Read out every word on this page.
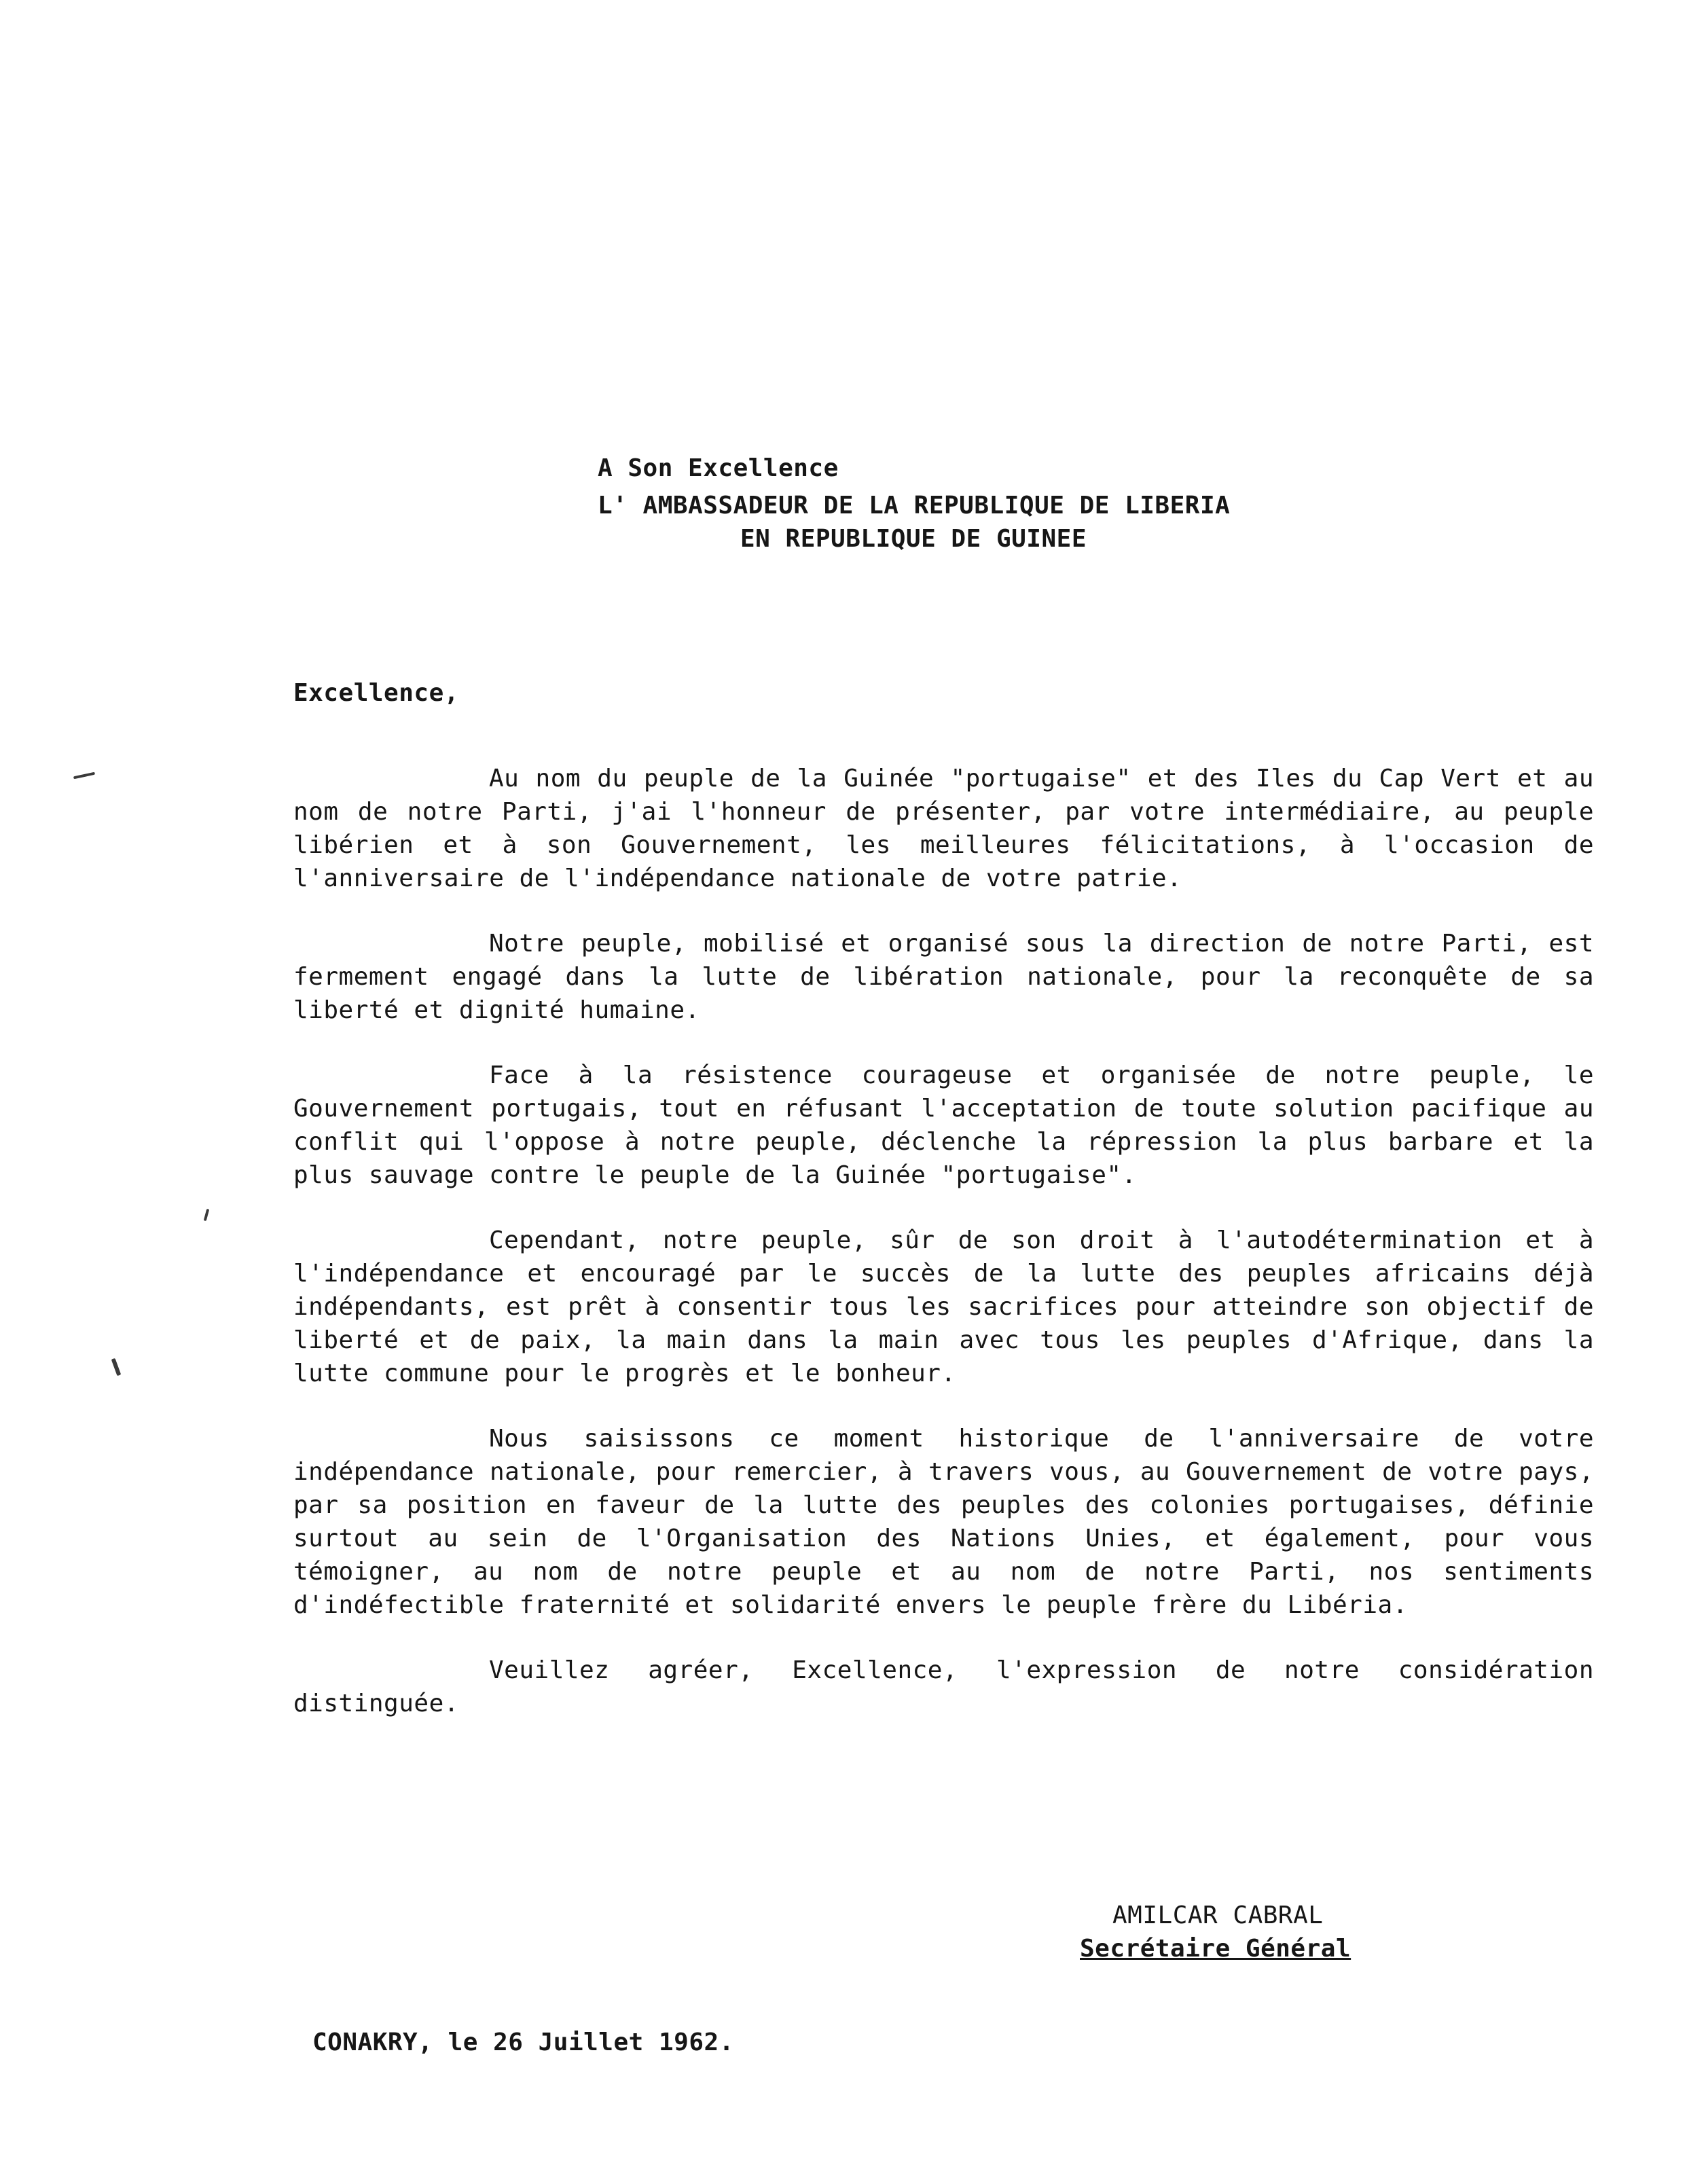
A Son Excellence
L' AMBASSADEUR DE LA REPUBLIQUE DE LIBERIA
EN REPUBLIQUE DE GUINEE
Excellence,

Au nom du peuple de la Guinée "portugaise" et des Iles du Cap Vert et au nom de notre Parti, j'ai l'honneur de présenter, par votre intermédiaire, au peuple libérien et à son Gouvernement, les meilleures félicitations, à l'occasion de l'anniversaire de l'indépendance nationale de votre patrie.

Notre peuple, mobilisé et organisé sous la direction de notre Parti, est fermement engagé dans la lutte de libération nationale, pour la reconquête de sa liberté et dignité humaine.

Face à la résistence courageuse et organisée de notre peuple, le Gouvernement portugais, tout en réfusant l'acceptation de toute solution pacifique au conflit qui l'oppose à notre peuple, déclenche la répression la plus barbare et la plus sauvage contre le peuple de la Guinée "portugaise".

Cependant, notre peuple, sûr de son droit à l'autodétermination et à l'indépendance et encouragé par le succès de la lutte des peuples africains déjà indépendants, est prêt à consentir tous les sacrifices pour atteindre son objectif de liberté et de paix, la main dans la main avec tous les peuples d'Afrique, dans la lutte commune pour le progrès et le bonheur.

Nous saisissons ce moment historique de l'anniversaire de votre indépendance nationale, pour remercier, à travers vous, au Gouvernement de votre pays, par sa position en faveur de la lutte des peuples des colonies portugaises, définie surtout au sein de l'Organisation des Nations Unies, et également, pour vous témoigner, au nom de notre peuple et au nom de notre Parti, nos sentiments d'indéfectible fraternité et solidarité envers le peuple frère du Libéria.

Veuillez agréer, Excellence, l'expression de notre considération distinguée.

AMILCAR CABRAL
Secrétaire Général
CONAKRY, le 26 Juillet 1962.
